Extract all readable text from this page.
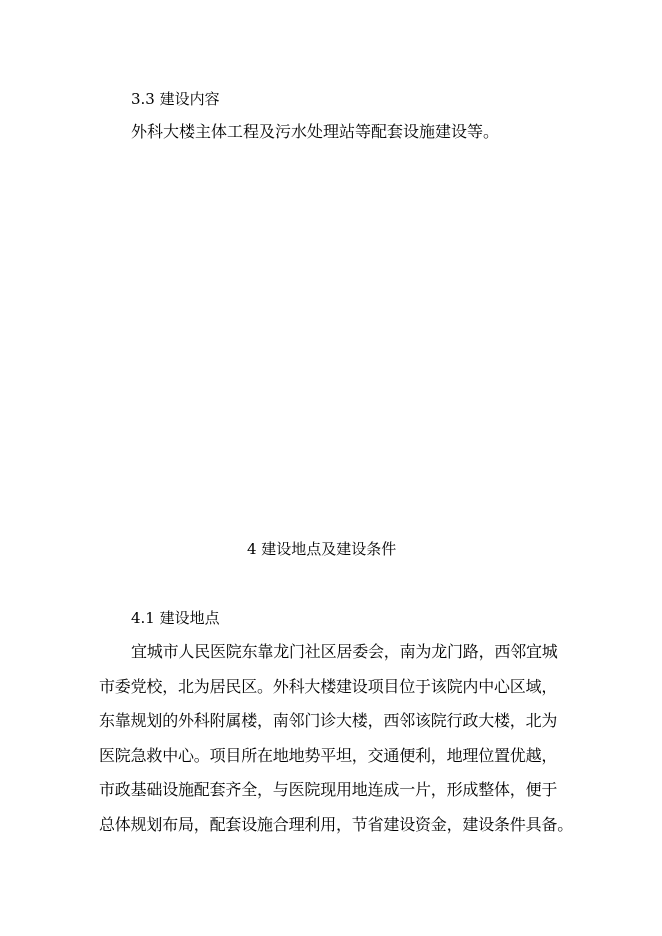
3.3 建设内容
外科大楼主体工程及污水处理站等配套设施建设等。
4 建设地点及建设条件
4.1 建设地点
宜城市人民医院东靠龙门社区居委会，南为龙门路，西邻宜城
市委党校，北为居民区。外科大楼建设项目位于该院内中心区域，
东靠规划的外科附属楼，南邻门诊大楼，西邻该院行政大楼，北为
医院急救中心。项目所在地地势平坦，交通便利，地理位置优越，
市政基础设施配套齐全，与医院现用地连成一片，形成整体，便于
总体规划布局，配套设施合理利用，节省建设资金，建设条件具备。
